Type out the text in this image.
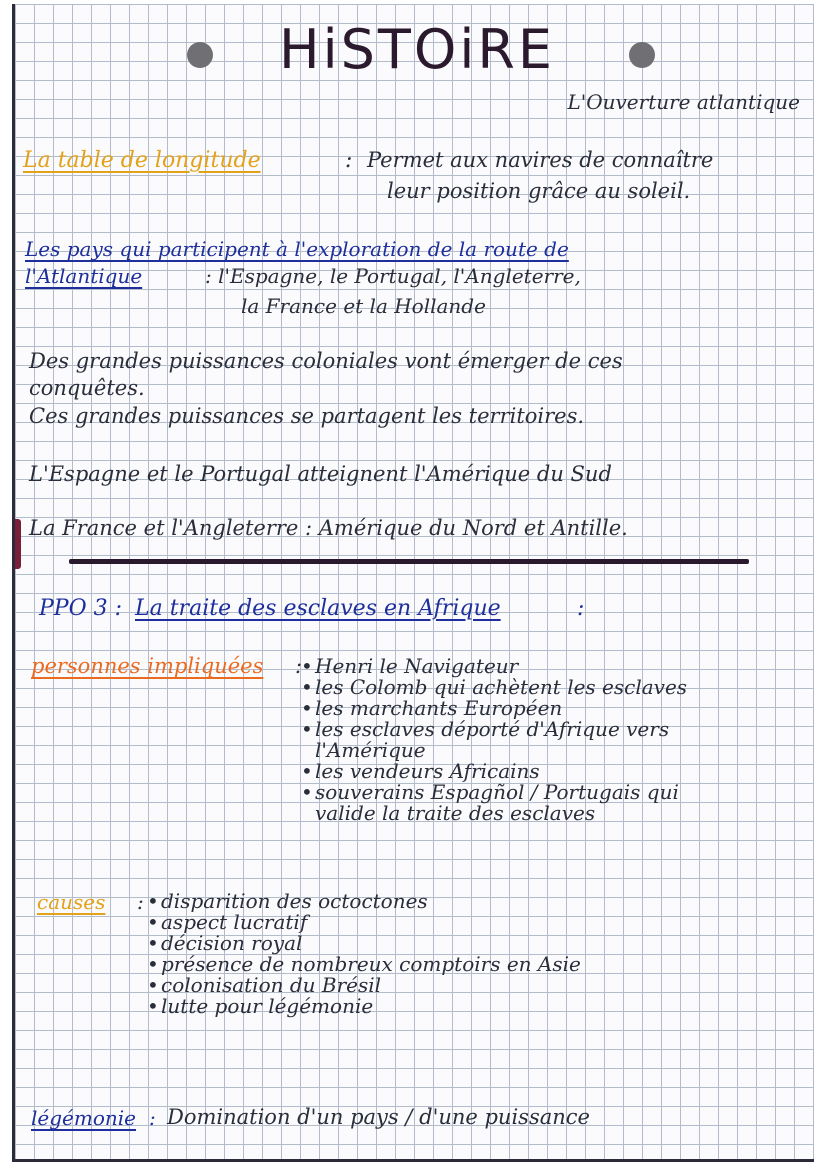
HiSTOiRE
L'Ouverture atlantique
La table de longitude	: Permet aux navires de connaître
leur position grâce au soleil.
Les pays qui participent à l'exploration de la route de
l'Atlantique	: l'Espagne, le Portugal, l'Angleterre,
la France et la Hollande
Des grandes puissances coloniales vont émerger de ces
conquêtes.
Ces grandes puissances se partagent les territoires.
L'Espagne et le Portugal atteignent l'Amérique du Sud
La France et l'Angleterre : Amérique du Nord et Antille.
PPO 3 : La traite des esclaves en Afrique	:
personnes impliquées : • Henri le Navigateur
• les Colomb qui achètent les esclaves
• les marchants Européen
• les esclaves déporté d'Afrique vers
l'Amérique
• les vendeurs Africains
• souverains Espagñol / Portugais qui
valide la traite des esclaves
causes : • disparition des octoctones
• aspect lucratif
• décision royal
• présence de nombreux comptoirs en Asie
• colonisation du Brésil
• lutte pour légémonie
légémonie : Domination d'un pays / d'une puissance
